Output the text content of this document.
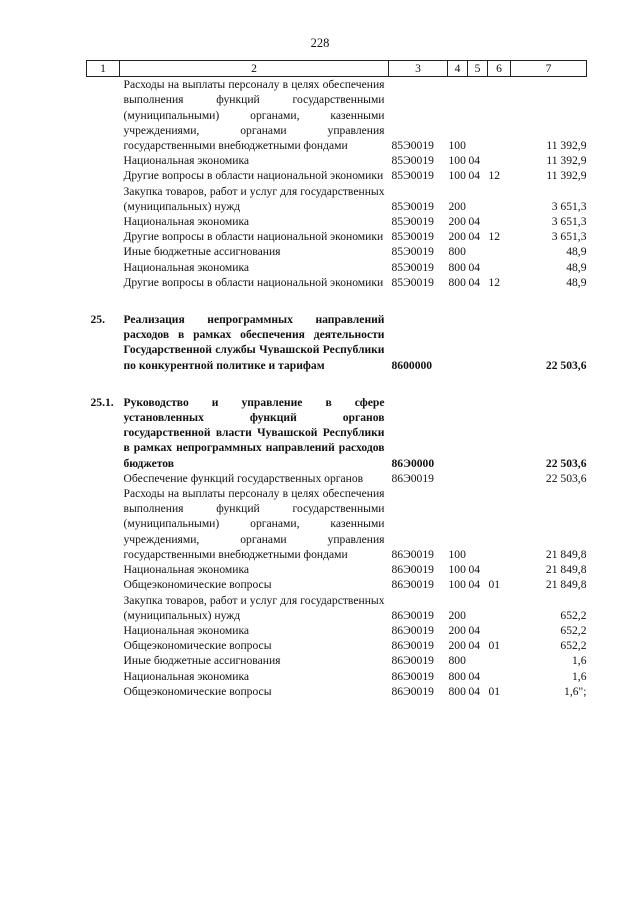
228
1	2	3	4	5	6	7
	Расходы на выплаты персоналу в целях обеспечения выполнения функций государственными (муниципальными) органами, казенными учреждениями, органами управления государственными внебюджетными фондами	85Э0019	100			11 392,9
	Национальная экономика	85Э0019	100	04		11 392,9
	Другие вопросы в области национальной экономики	85Э0019	100	04	12	11 392,9
	Закупка товаров, работ и услуг для государственных (муниципальных) нужд	85Э0019	200			3 651,3
	Национальная экономика	85Э0019	200	04		3 651,3
	Другие вопросы в области национальной экономики	85Э0019	200	04	12	3 651,3
	Иные бюджетные ассигнования	85Э0019	800			48,9
	Национальная экономика	85Э0019	800	04		48,9
	Другие вопросы в области национальной экономики	85Э0019	800	04	12	48,9

25.	Реализация непрограммных направлений расходов в рамках обеспечения деятельности Государственной службы Чувашской Республики по конкурентной политике и тарифам	8600000				22 503,6

25.1.	Руководство и управление в сфере установленных функций органов государственной власти Чувашской Республики в рамках непрограммных направлений расходов бюджетов	86Э0000				22 503,6
	Обеспечение функций государственных органов	86Э0019				22 503,6
	Расходы на выплаты персоналу в целях обеспечения выполнения функций государственными (муниципальными) органами, казенными учреждениями, органами управления государственными внебюджетными фондами	86Э0019	100			21 849,8
	Национальная экономика	86Э0019	100	04		21 849,8
	Общеэкономические вопросы	86Э0019	100	04	01	21 849,8
	Закупка товаров, работ и услуг для государственных (муниципальных) нужд	86Э0019	200			652,2
	Национальная экономика	86Э0019	200	04		652,2
	Общеэкономические вопросы	86Э0019	200	04	01	652,2
	Иные бюджетные ассигнования	86Э0019	800			1,6
	Национальная экономика	86Э0019	800	04		1,6
	Общеэкономические вопросы	86Э0019	800	04	01	1,6";
